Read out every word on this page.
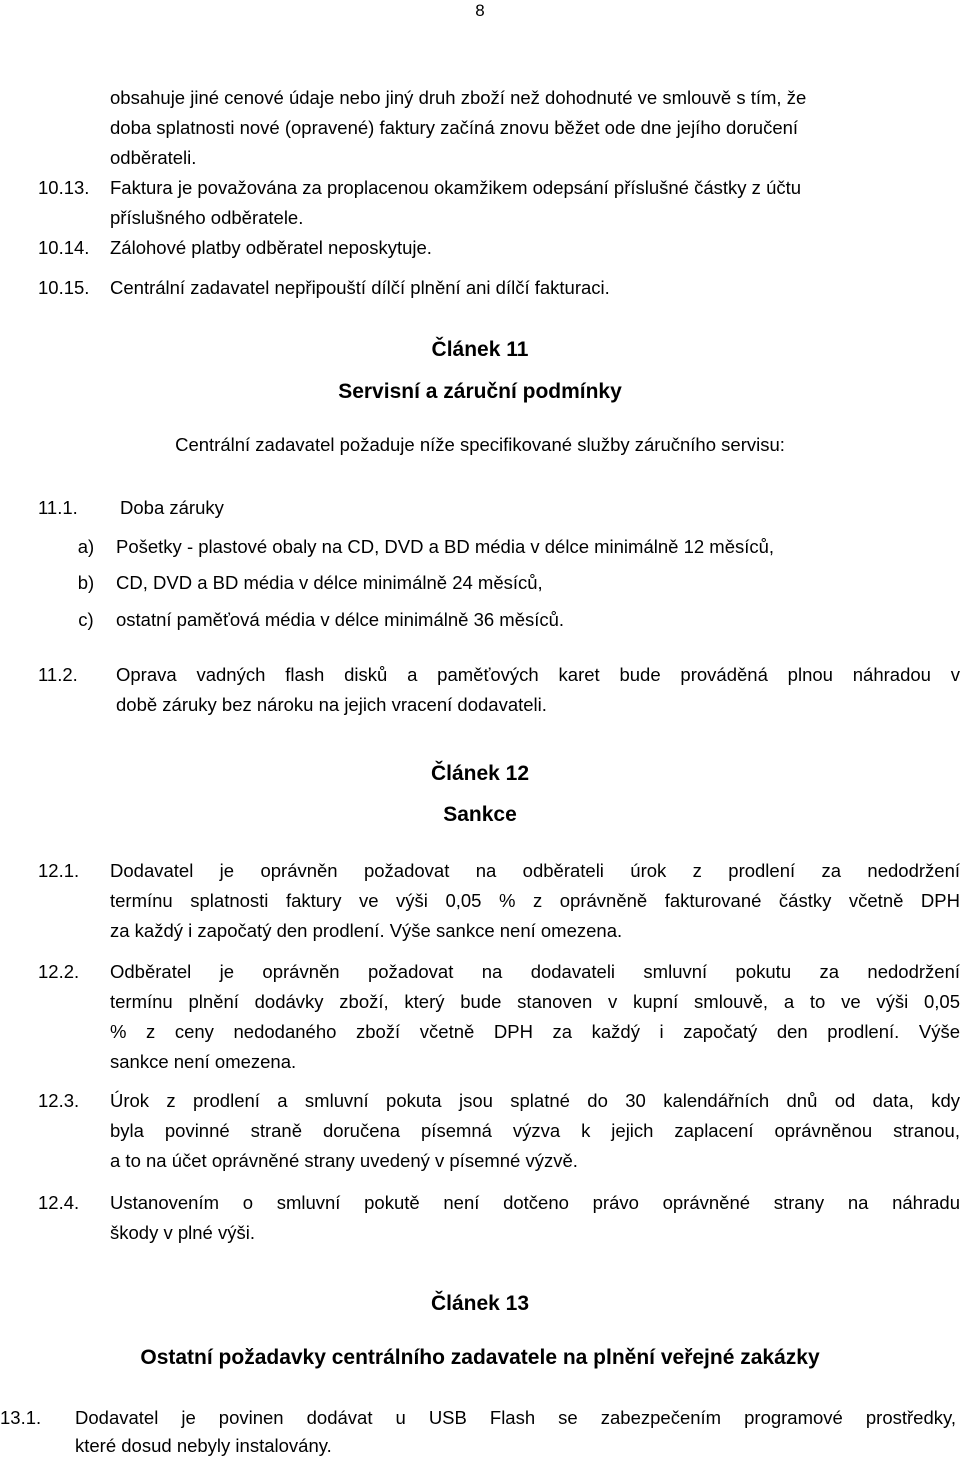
8
obsahuje jiné cenové údaje nebo jiný druh zboží než dohodnuté ve smlouvě s tím, že
doba splatnosti nové (opravené) faktury začíná znovu běžet ode dne jejího doručení
odběrateli.
10.13. Faktura je považována za proplacenou okamžikem odepsání příslušné částky z účtu
příslušného odběratele.
10.14. Zálohové platby odběratel neposkytuje.
10.15. Centrální zadavatel nepřipouští dílčí plnění ani dílčí fakturaci.
Článek 11
Servisní a záruční podmínky
Centrální zadavatel požaduje níže specifikované služby záručního servisu:
11.1. Doba záruky
a)	Pošetky - plastové obaly na CD, DVD a BD média v délce minimálně 12 měsíců,
b)	CD, DVD a BD média v délce minimálně 24 měsíců,
c)	ostatní paměťová média v délce minimálně 36 měsíců.
11.2. Oprava vadných flash disků a paměťových karet bude prováděná plnou náhradou v
době záruky bez nároku na jejich vracení dodavateli.
Článek 12
Sankce
12.1. Dodavatel je oprávněn požadovat na odběrateli úrok z prodlení za nedodržení
termínu splatnosti faktury ve výši 0,05 % z oprávněně fakturované částky včetně DPH
za každý i započatý den prodlení. Výše sankce není omezena.
12.2. Odběratel je oprávněn požadovat na dodavateli smluvní pokutu za nedodržení
termínu plnění dodávky zboží, který bude stanoven v kupní smlouvě, a to ve výši 0,05
% z ceny nedodaného zboží včetně DPH za každý i započatý den prodlení. Výše
sankce není omezena.
12.3. Úrok z prodlení a smluvní pokuta jsou splatné do 30 kalendářních dnů od data, kdy
byla povinné straně doručena písemná výzva k jejich zaplacení oprávněnou stranou,
a to na účet oprávněné strany uvedený v písemné výzvě.
12.4. Ustanovením o smluvní pokutě není dotčeno právo oprávněné strany na náhradu
škody v plné výši.
Článek 13
Ostatní požadavky centrálního zadavatele na plnění veřejné zakázky
13.1. Dodavatel je povinen dodávat u USB Flash se zabezpečením programové prostředky,
které dosud nebyly instalovány.
